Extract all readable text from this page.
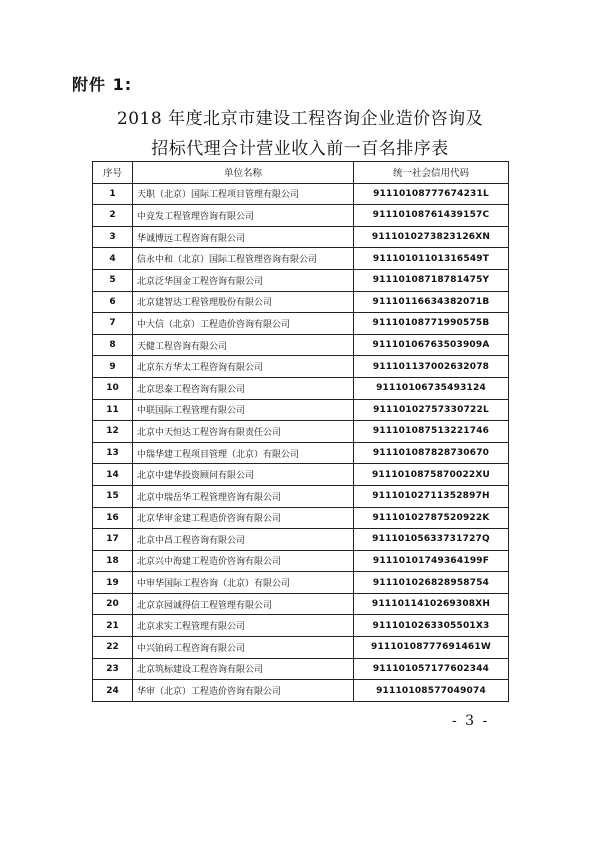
附件 1:
2018 年度北京市建设工程咨询企业造价咨询及
招标代理合计营业收入前一百名排序表
序号	单位名称	统一社会信用代码
1	天职（北京）国际工程项目管理有限公司	91110108777674231L
2	中竞发工程管理咨询有限公司	91110108761439157C
3	华诚博远工程咨询有限公司	9111010273823126XN
4	信永中和（北京）国际工程管理咨询有限公司	91110101101316549T
5	北京泛华国金工程咨询有限公司	91110108718781475Y
6	北京建智达工程管理股份有限公司	91110116634382071B
7	中大信（北京）工程造价咨询有限公司	91110108771990575B
8	天健工程咨询有限公司	91110106763503909A
9	北京东方华太工程咨询有限公司	911101137002632078
10	北京思泰工程咨询有限公司	91110106735493124
11	中联国际工程管理有限公司	91110102757330722L
12	北京中天恒达工程咨询有限责任公司	911101087513221746
13	中瑞华建工程项目管理（北京）有限公司	911101087828730670
14	北京中建华投资顾问有限公司	9111010875870022XU
15	北京中瑞岳华工程管理咨询有限公司	91110102711352897H
16	北京华审金建工程造价咨询有限公司	91110102787520922K
17	北京中昌工程咨询有限公司	91110105633731727Q
18	北京兴中海建工程造价咨询有限公司	91110101749364199F
19	中审华国际工程咨询（北京）有限公司	911101026828958754
20	北京京园诚得信工程管理有限公司	9111011410269308XH
21	北京求实工程管理有限公司	9111010263305501X3
22	中兴铂码工程咨询有限公司	91110108777691461W
23	北京筑标建设工程咨询有限公司	911101057177602344
24	华审（北京）工程造价咨询有限公司	91110108577049074
- 3 -
